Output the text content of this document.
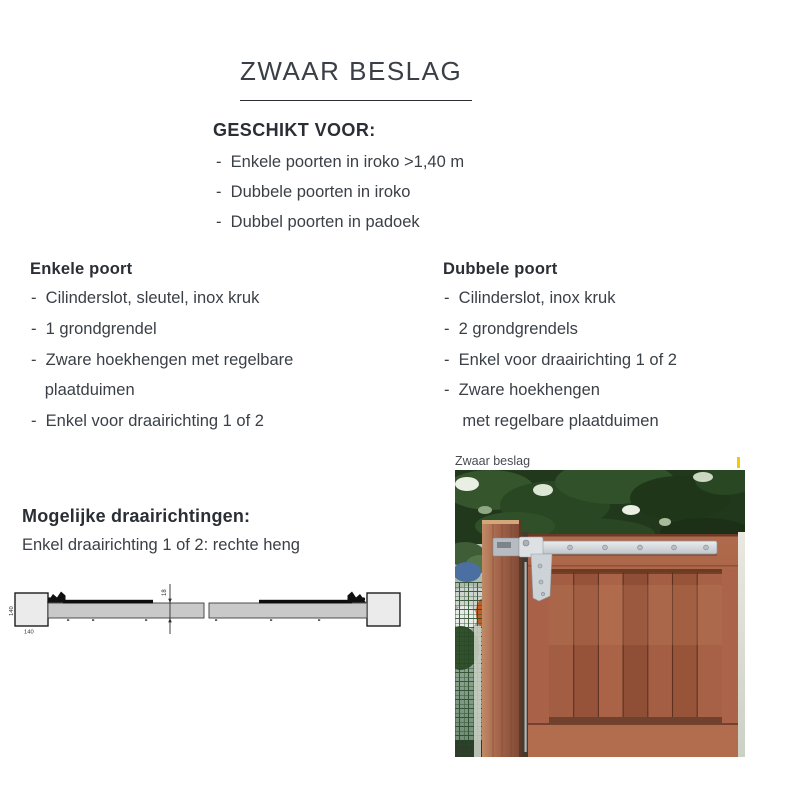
ZWAAR BESLAG
GESCHIKT VOOR:
-  Enkele poorten in iroko >1,40 m
-  Dubbele poorten in iroko
-  Dubbel poorten in padoek
Enkele poort
-  Cilinderslot, sleutel, inox kruk
-  1 grondgrendel
-  Zware hoekhengen met regelbare
plaatduimen
-  Enkel voor draairichting 1 of 2
Dubbele poort
-  Cilinderslot, inox kruk
-  2 grondgrendels
-  Enkel voor draairichting 1 of 2
-  Zware hoekhengen
met regelbare plaatduimen
Mogelijke draairichtingen:
Enkel draairichting 1 of 2: rechte heng
18
140
140
Zwaar beslag
